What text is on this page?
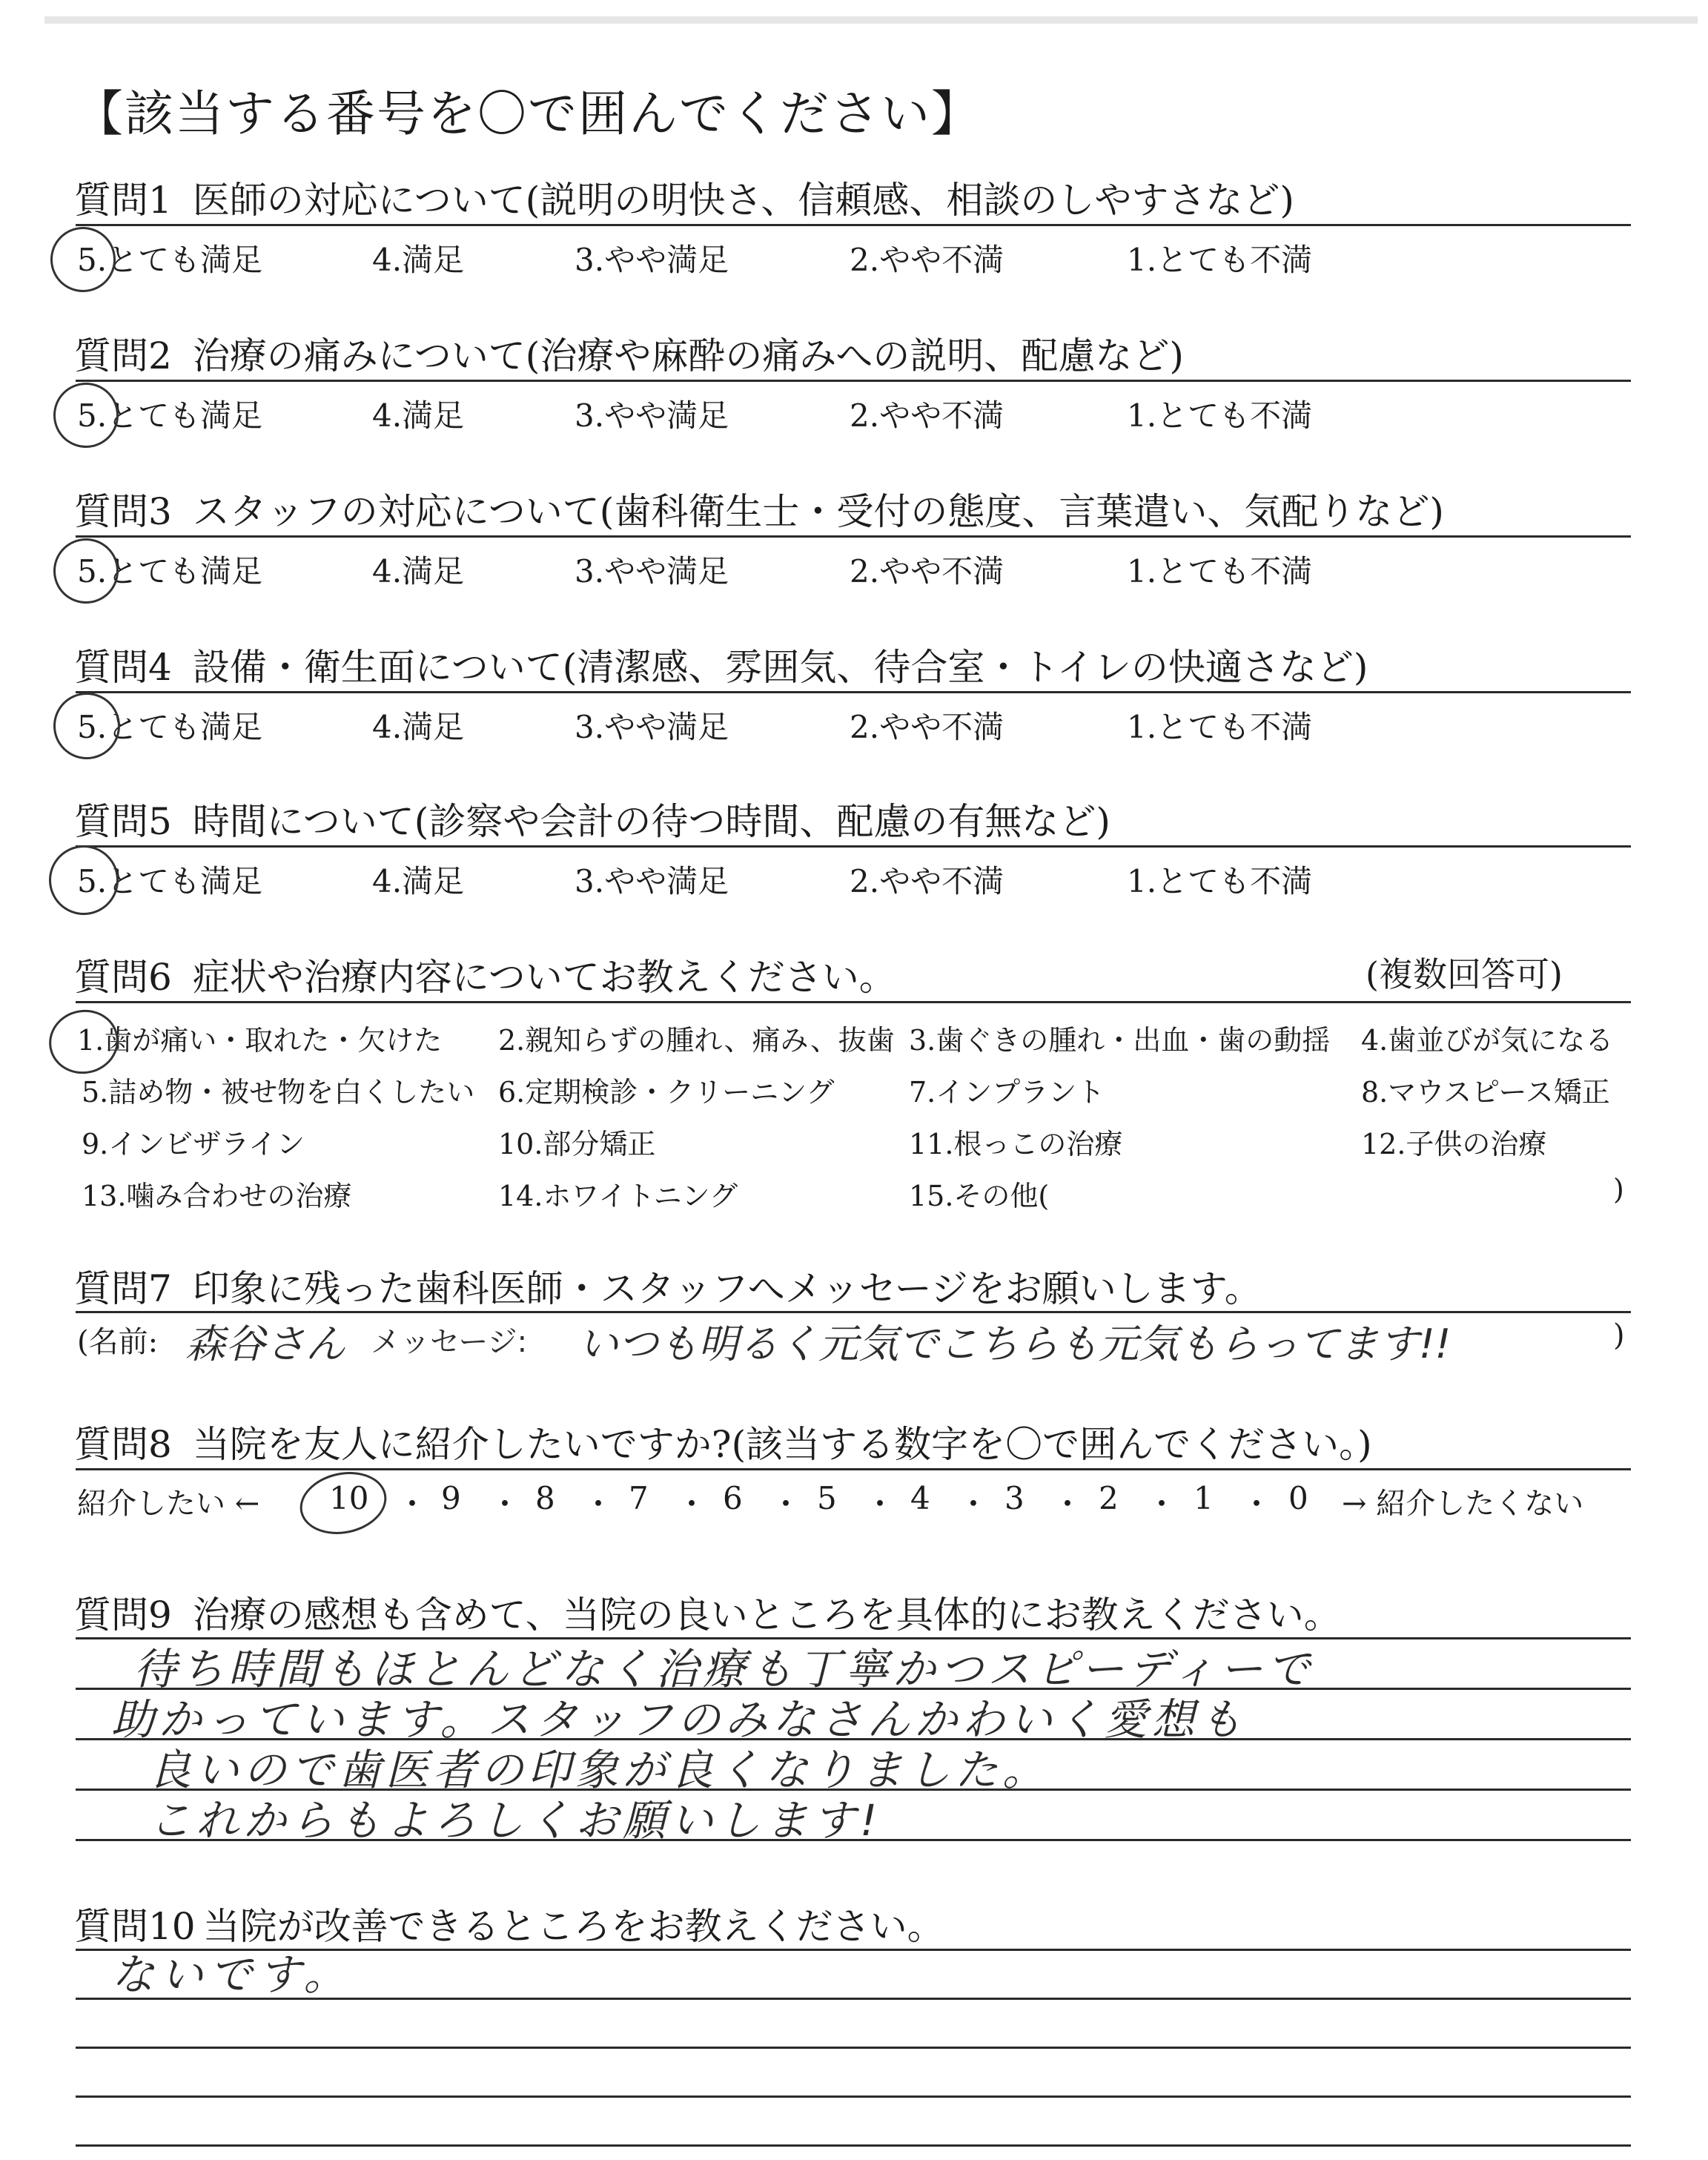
【該当する番号を〇で囲んでください】
質問1 医師の対応について(説明の明快さ、信頼感、相談のしやすさなど)
5.とても満足	4.満足	3.やや満足	2.やや不満	1.とても不満
質問2 治療の痛みについて(治療や麻酔の痛みへの説明、配慮など)
5.とても満足	4.満足	3.やや満足	2.やや不満	1.とても不満
質問3 スタッフの対応について(歯科衛生士・受付の態度、言葉遣い、気配りなど)
5.とても満足	4.満足	3.やや満足	2.やや不満	1.とても不満
質問4 設備・衛生面について(清潔感、雰囲気、待合室・トイレの快適さなど)
5.とても満足	4.満足	3.やや満足	2.やや不満	1.とても不満
質問5 時間について(診察や会計の待つ時間、配慮の有無など)
5.とても満足	4.満足	3.やや満足	2.やや不満	1.とても不満
質問6 症状や治療内容についてお教えください。	(複数回答可)
1.歯が痛い・取れた・欠けた 2.親知らずの腫れ、痛み、抜歯 3.歯ぐきの腫れ・出血・歯の動揺 4.歯並びが気になる
5.詰め物・被せ物を白くしたい 6.定期検診・クリーニング	7.インプラント	8.マウスピース矯正
9.インビザライン	10.部分矯正	11.根っこの治療	12.子供の治療
13.噛み合わせの治療	14.ホワイトニング	15.その他(	)
質問7 印象に残った歯科医師・スタッフへメッセージをお願いします。
(名前: 森谷さん メッセージ: いつも明るく元気でこちらも元気もらってます!!	)
質問8 当院を友人に紹介したいですか?(該当する数字を〇で囲んでください。)
紹介したい ←	→ 紹介したくない
10 ・ 9 ・ 8 ・ 7 ・ 6 ・ 5 ・ 4 ・ 3 ・ 2 ・ 1 ・ 0
質問9 治療の感想も含めて、当院の良いところを具体的にお教えください。
待ち時間もほとんどなく治療も丁寧かつスピーディーで
助かっています。スタッフのみなさんかわいく愛想も
良いので歯医者の印象が良くなりました。
これからもよろしくお願いします!
質問10 当院が改善できるところをお教えください。
ないです。
